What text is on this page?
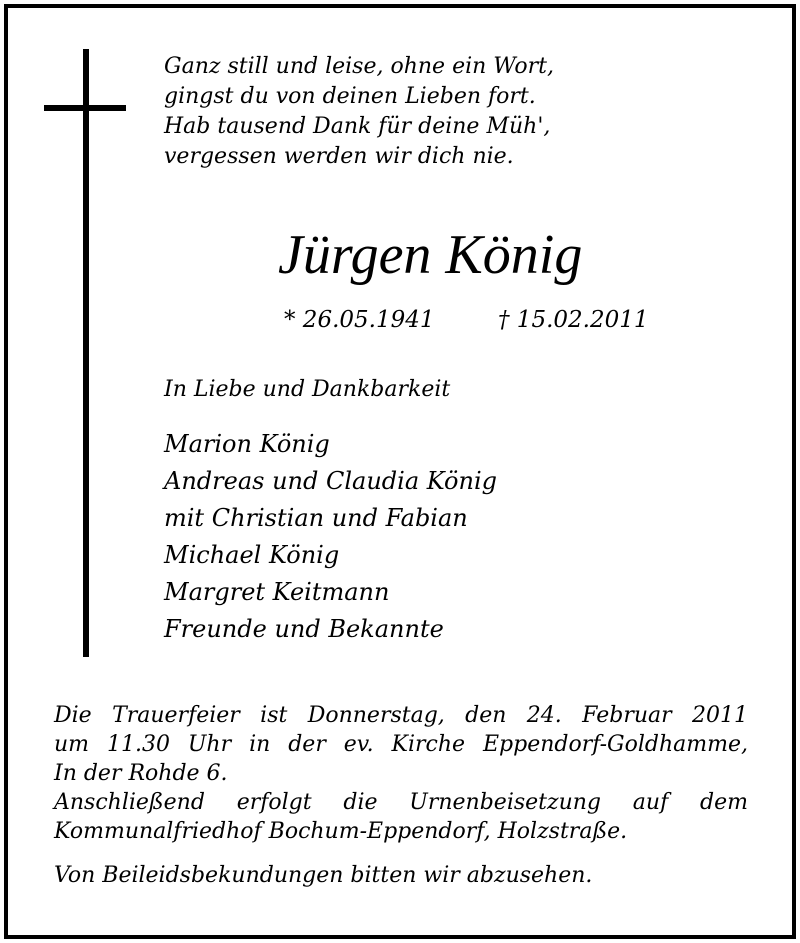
Ganz still und leise, ohne ein Wort,
gingst du von deinen Lieben fort.
Hab tausend Dank für deine Müh',
vergessen werden wir dich nie.
Jürgen König
* 26.05.1941	† 15.02.2011
In Liebe und Dankbarkeit
Marion König
Andreas und Claudia König
mit Christian und Fabian
Michael König
Margret Keitmann
Freunde und Bekannte
Die Trauerfeier ist Donnerstag, den 24. Februar 2011
um 11.30 Uhr in der ev. Kirche Eppendorf-Goldhamme,
In der Rohde 6.
Anschließend erfolgt die Urnenbeisetzung auf dem
Kommunalfriedhof Bochum-Eppendorf, Holzstraße.
Von Beileidsbekundungen bitten wir abzusehen.
